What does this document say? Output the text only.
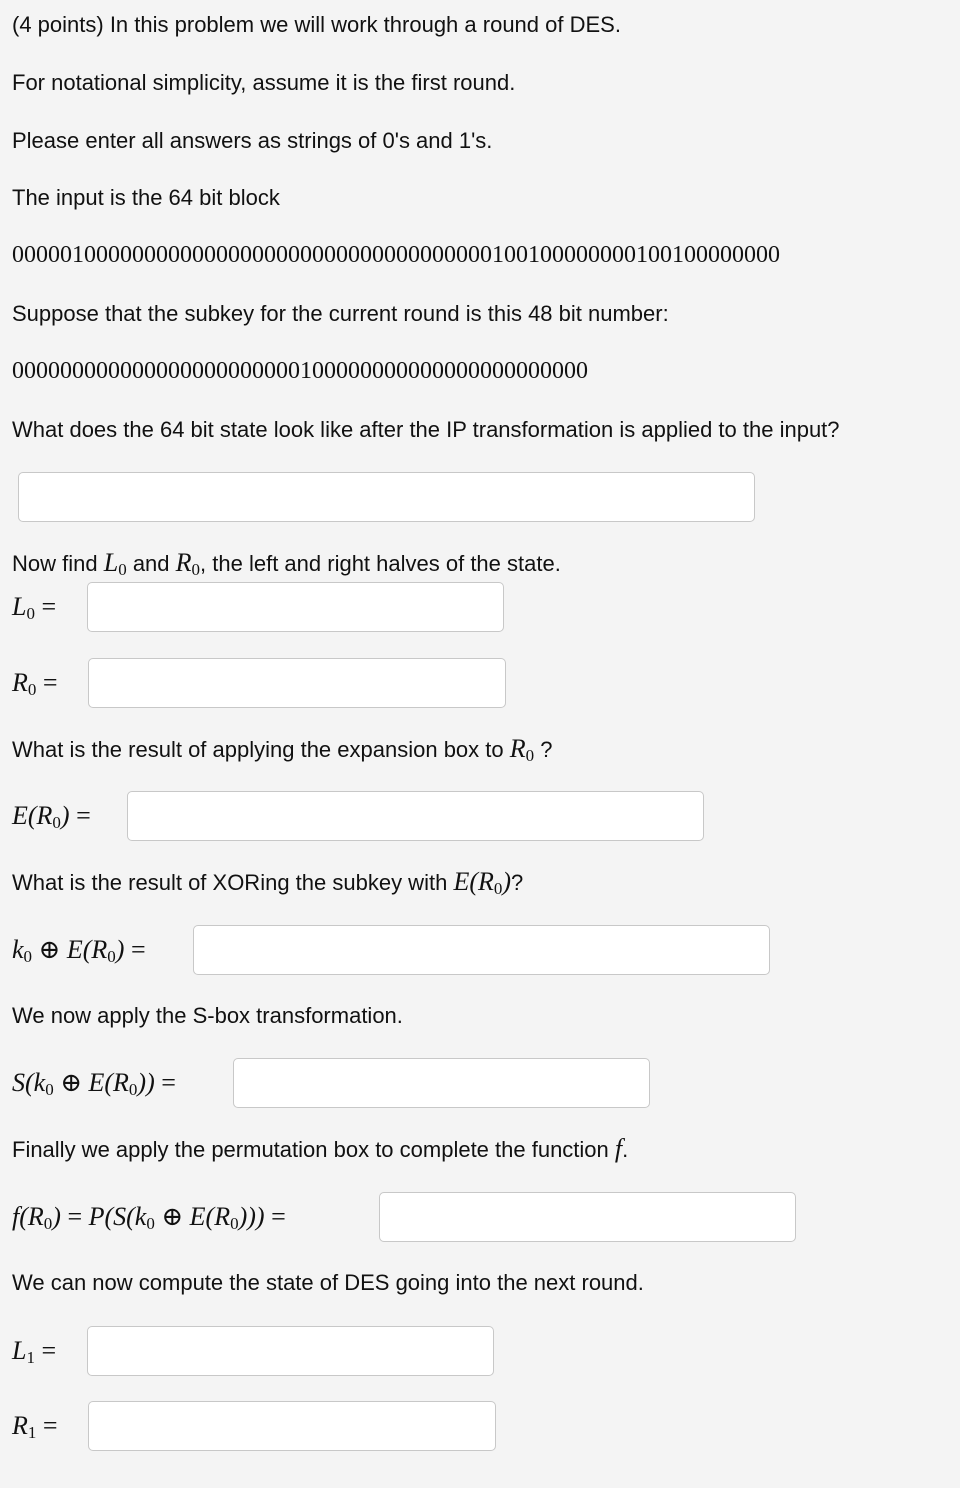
(4 points) In this problem we will work through a round of DES.
For notational simplicity, assume it is the first round.
Please enter all answers as strings of 0's and 1's.
The input is the 64 bit block
0000010000000000000000000000000000000000100100000000100100000000
Suppose that the subkey for the current round is this 48 bit number:
000000000000000000000000100000000000000000000000
What does the 64 bit state look like after the IP transformation is applied to the input?
Now find $L_0$ and $R_0$, the left and right halves of the state.
$L_0$ =
$R_0$ =
What is the result of applying the expansion box to $R_0$ ?
$E(R_0)$ =
What is the result of XORing the subkey with $E(R_0)$?
$k_0$ ⊕ $E(R_0)$ =
We now apply the S-box transformation.
$S(k_0$ ⊕ $E(R_0)$) =
Finally we apply the permutation box to complete the function f.
$f(R_0) = P(S(k_0$ ⊕ $E(R_0)$)) =
We can now compute the state of DES going into the next round.
$L_1$ =
$R_1$ =
